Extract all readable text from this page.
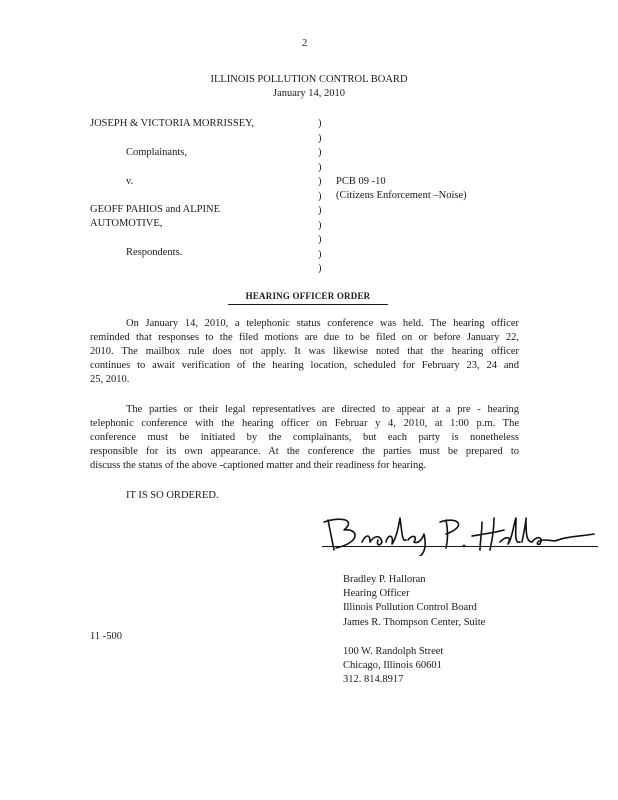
2
ILLINOIS POLLUTION CONTROL BOARD
January 14, 2010
JOSEPH & VICTORIA MORRISSEY,
Complainants,
v.
GEOFF PAHIOS and ALPINE
AUTOMOTIVE,
Respondents.
)
)
)
)
)
)
)
)
)
)
)
PCB 09 -10
(Citizens Enforcement –Noise)
HEARING OFFICER ORDER
On January 14, 2010, a telephonic status conference was held. The hearing officer
reminded that responses to the filed motions are due to be filed on or before January 22,
2010. The mailbox rule does not apply. It was likewise noted that the hearing officer
continues to await verification of the hearing location, scheduled for February 23, 24 and
25, 2010.
The parties or their legal representatives are directed to appear at a pre - hearing
telephonic conference with the hearing officer on Februar y 4, 2010, at 1:00 p.m. The
conference must be initiated by the complainants, but each party is nonetheless
responsible for its own appearance. At the conference the parties must be prepared to
discuss the status of the above -captioned matter and their readiness for hearing.
IT IS SO ORDERED.
Bradley P. Halloran
Hearing Officer
Illinois Pollution Control Board
James R. Thompson Center, Suite
11 -500
100 W. Randolph Street
Chicago, Illinois 60601
312. 814.8917
